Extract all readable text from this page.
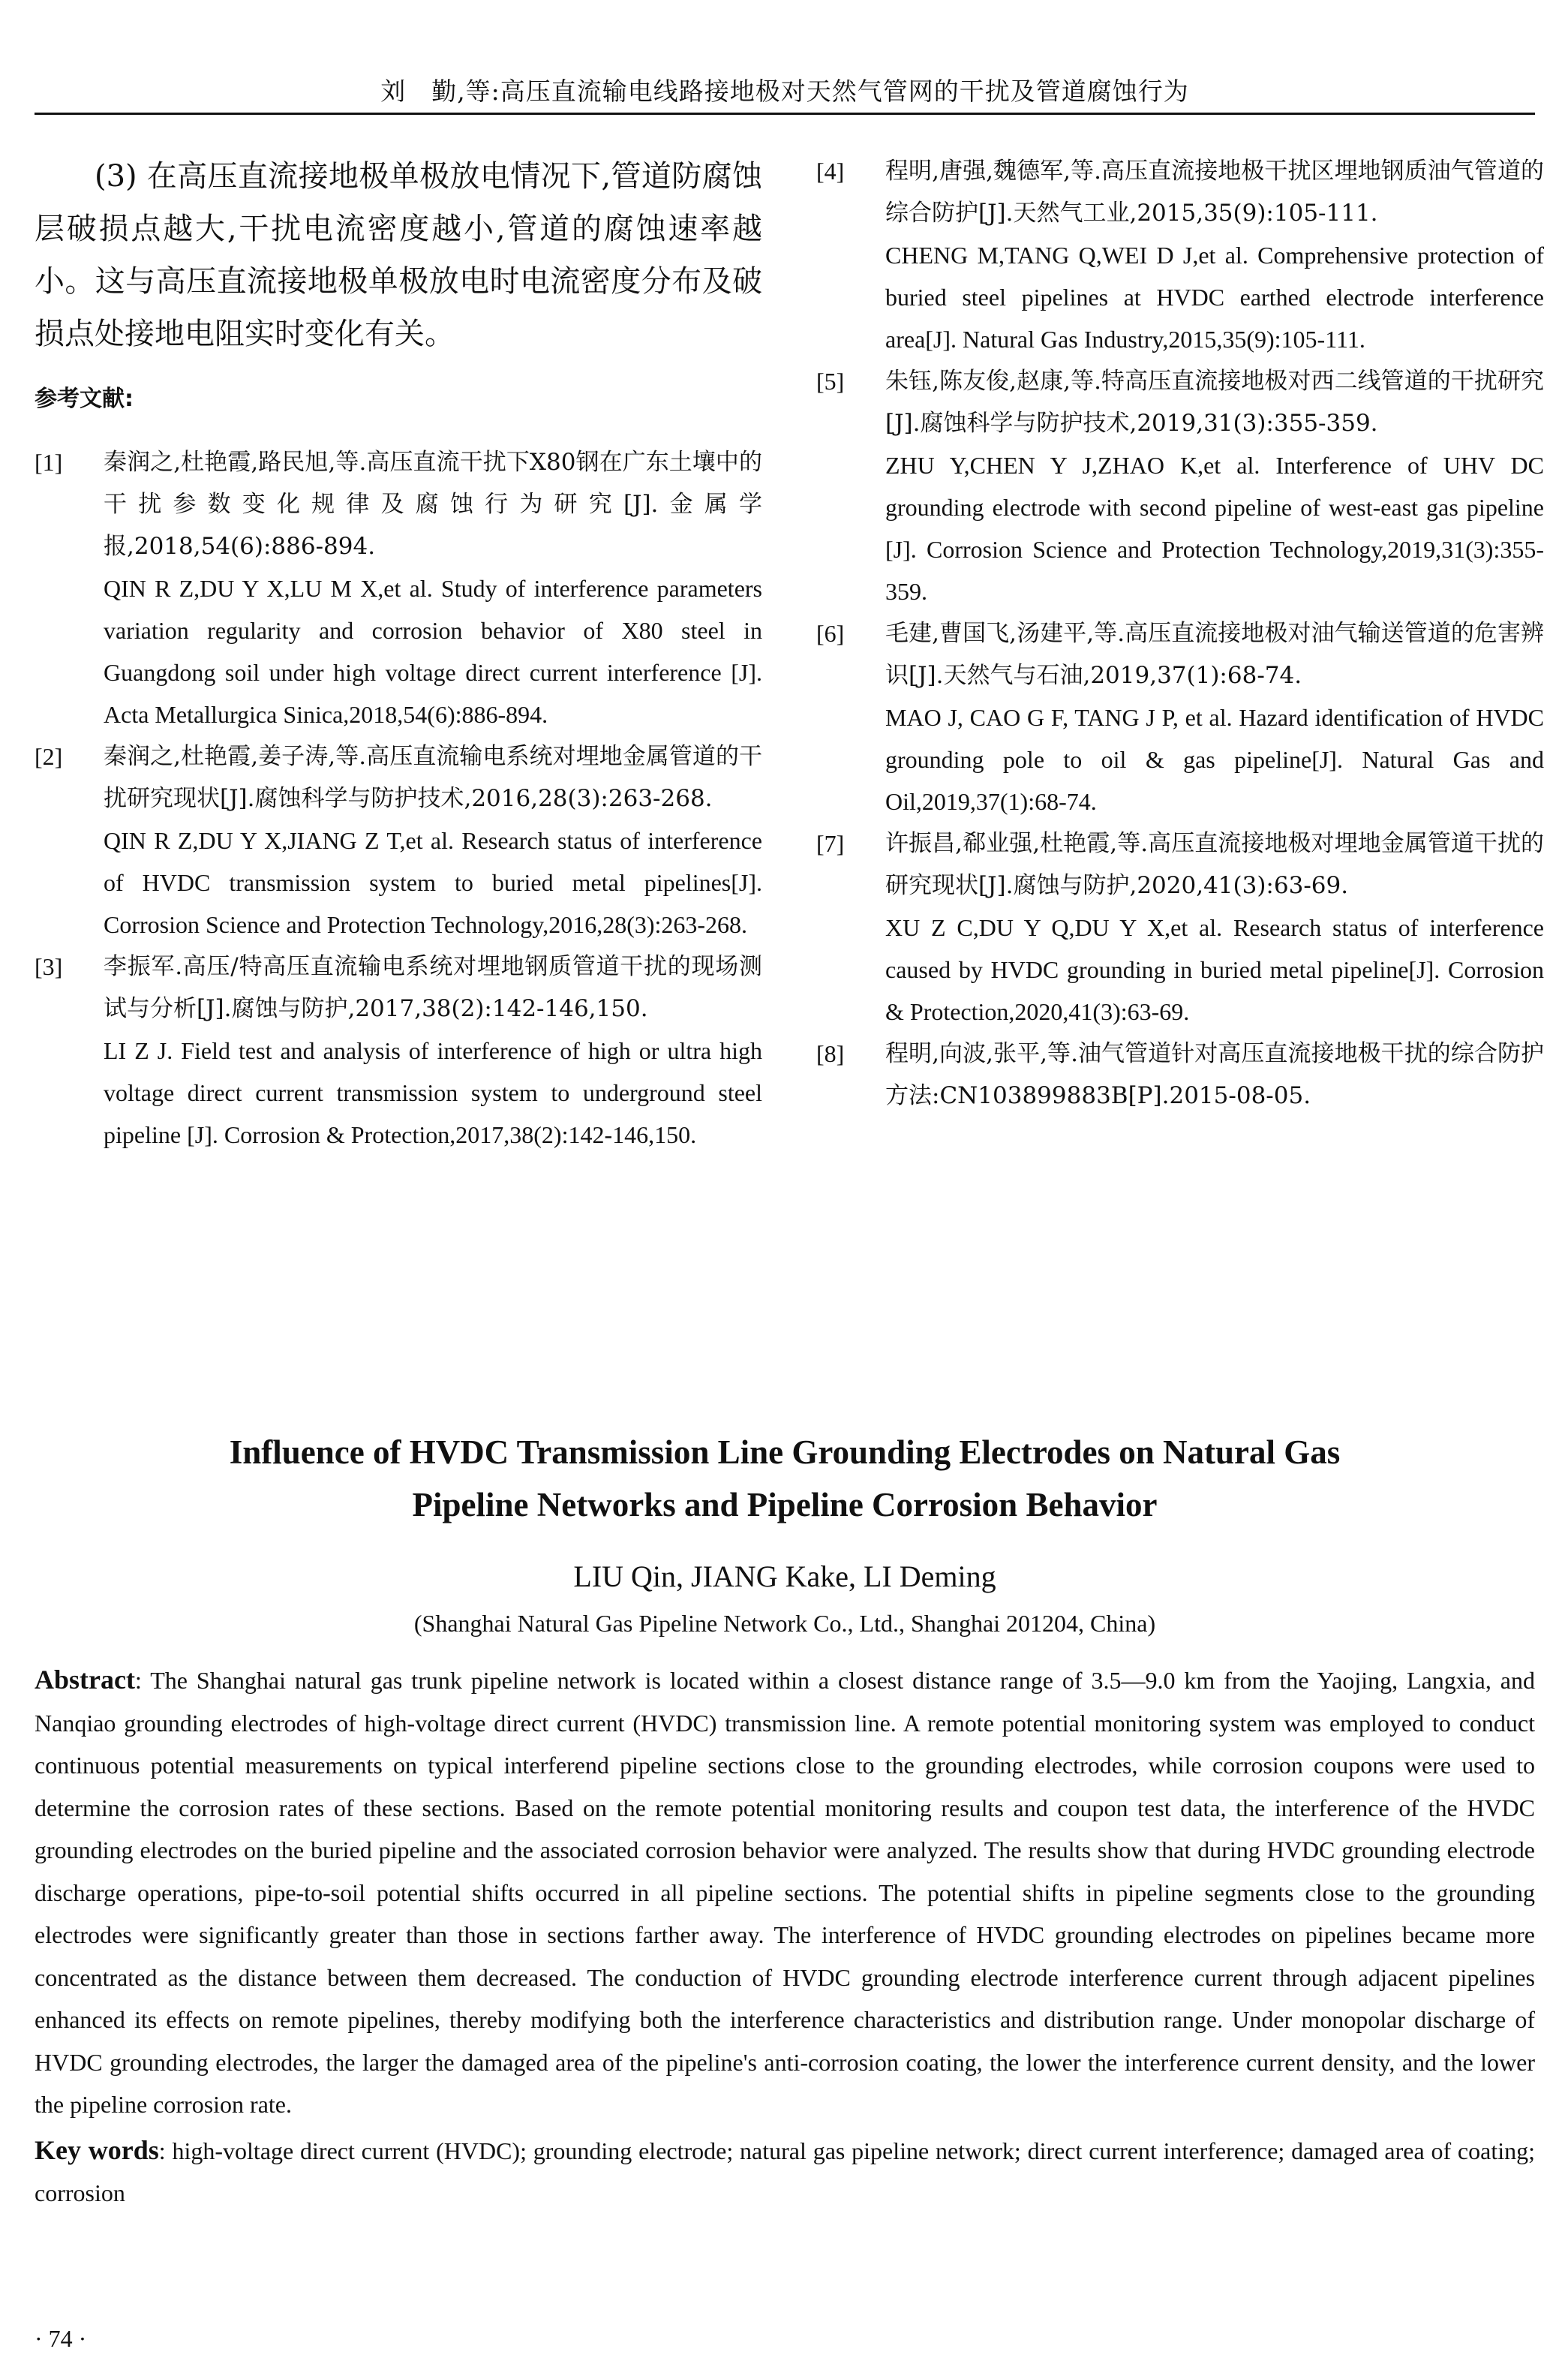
刘　勤,等:高压直流输电线路接地极对天然气管网的干扰及管道腐蚀行为

(3) 在高压直流接地极单极放电情况下,管道防腐蚀层破损点越大,干扰电流密度越小,管道的腐蚀速率越小。这与高压直流接地极单极放电时电流密度分布及破损点处接地电阻实时变化有关。

参考文献:
[1] 秦润之,杜艳霞,路民旭,等.高压直流干扰下X80钢在广东土壤中的干扰参数变化规律及腐蚀行为研究[J].金属学报,2018,54(6):886-894.

QIN R Z,DU Y X,LU M X,et al. Study of interference parameters variation regularity and corrosion behavior of X80 steel in Guangdong soil under high voltage direct current interference [J]. Acta Metallurgica Sinica,2018,54(6):886-894.

[2] 秦润之,杜艳霞,姜子涛,等.高压直流输电系统对埋地金属管道的干扰研究现状[J].腐蚀科学与防护技术,2016,28(3):263-268.

QIN R Z,DU Y X,JIANG Z T,et al. Research status of interference of HVDC transmission system to buried metal pipelines[J]. Corrosion Science and Protection Technology,2016,28(3):263-268.

[3] 李振军.高压/特高压直流输电系统对埋地钢质管道干扰的现场测试与分析[J].腐蚀与防护,2017,38(2):142-146,150.

LI Z J. Field test and analysis of interference of high or ultra high voltage direct current transmission system to underground steel pipeline [J]. Corrosion & Protection,2017,38(2):142-146,150.

[4] 程明,唐强,魏德军,等.高压直流接地极干扰区埋地钢质油气管道的综合防护[J].天然气工业,2015,35(9):105-111.

CHENG M,TANG Q,WEI D J,et al. Comprehensive protection of buried steel pipelines at HVDC earthed electrode interference area[J]. Natural Gas Industry,2015,35(9):105-111.

[5] 朱钰,陈友俊,赵康,等.特高压直流接地极对西二线管道的干扰研究[J].腐蚀科学与防护技术,2019,31(3):355-359.

ZHU Y,CHEN Y J,ZHAO K,et al. Interference of UHV DC grounding electrode with second pipeline of west-east gas pipeline [J]. Corrosion Science and Protection Technology,2019,31(3):355-359.

[6] 毛建,曹国飞,汤建平,等.高压直流接地极对油气输送管道的危害辨识[J].天然气与石油,2019,37(1):68-74.

MAO J, CAO G F, TANG J P, et al. Hazard identification of HVDC grounding pole to oil & gas pipeline[J]. Natural Gas and Oil,2019,37(1):68-74.

[7] 许振昌,郗业强,杜艳霞,等.高压直流接地极对埋地金属管道干扰的研究现状[J].腐蚀与防护,2020,41(3):63-69.

XU Z C,DU Y Q,DU Y X,et al. Research status of interference caused by HVDC grounding in buried metal pipeline[J]. Corrosion & Protection,2020,41(3):63-69.

[8] 程明,向波,张平,等.油气管道针对高压直流接地极干扰的综合防护方法:CN103899883B[P].2015-08-05.

Influence of HVDC Transmission Line Grounding Electrodes on Natural Gas
Pipeline Networks and Pipeline Corrosion Behavior
LIU Qin, JIANG Kake, LI Deming
(Shanghai Natural Gas Pipeline Network Co., Ltd., Shanghai 201204, China)

Abstract: The Shanghai natural gas trunk pipeline network is located within a closest distance range of 3.5—9.0 km from the Yaojing, Langxia, and Nanqiao grounding electrodes of high-voltage direct current (HVDC) transmission line. A remote potential monitoring system was employed to conduct continuous potential measurements on typical interferend pipeline sections close to the grounding electrodes, while corrosion coupons were used to determine the corrosion rates of these sections. Based on the remote potential monitoring results and coupon test data, the interference of the HVDC grounding electrodes on the buried pipeline and the associated corrosion behavior were analyzed. The results show that during HVDC grounding electrode discharge operations, pipe-to-soil potential shifts occurred in all pipeline sections. The potential shifts in pipeline segments close to the grounding electrodes were significantly greater than those in sections farther away. The interference of HVDC grounding electrodes on pipelines became more concentrated as the distance between them decreased. The conduction of HVDC grounding electrode interference current through adjacent pipelines enhanced its effects on remote pipelines, thereby modifying both the interference characteristics and distribution range. Under monopolar discharge of HVDC grounding electrodes, the larger the damaged area of the pipeline's anti-corrosion coating, the lower the interference current density, and the lower the pipeline corrosion rate.

Key words: high-voltage direct current (HVDC); grounding electrode; natural gas pipeline network; direct current interference; damaged area of coating; corrosion

· 74 ·
